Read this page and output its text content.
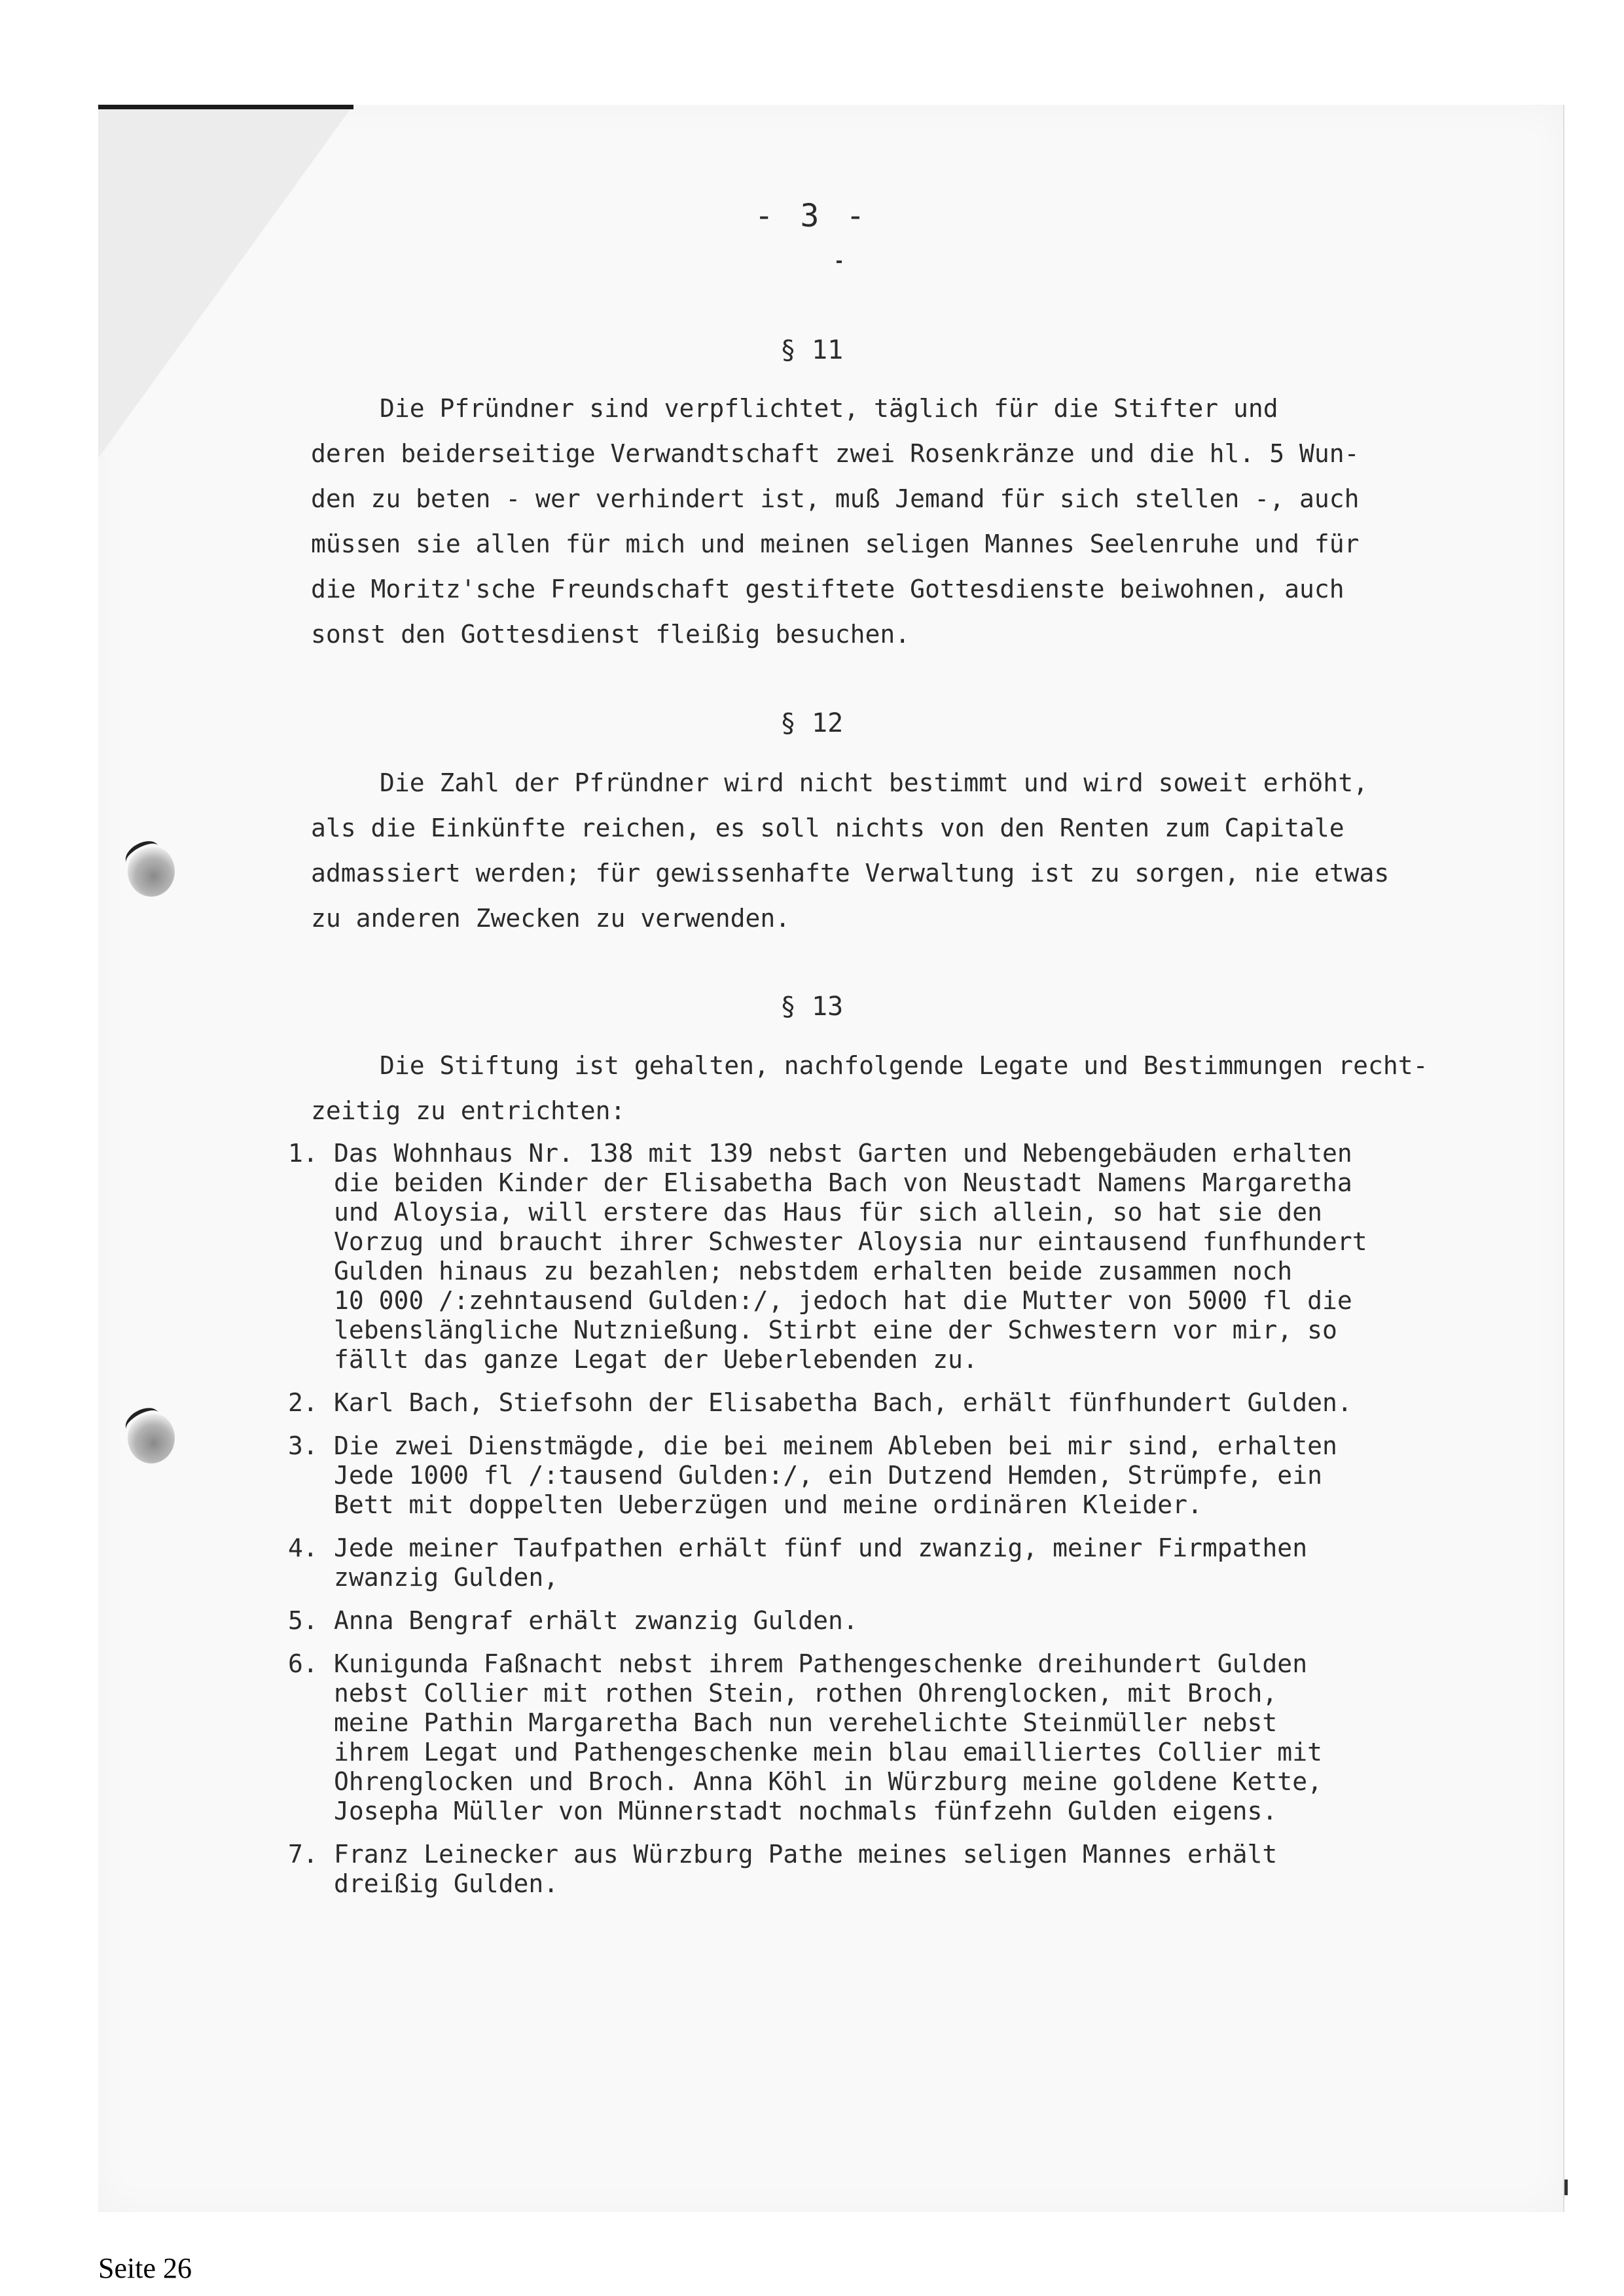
- 3 -
§ 11

Die Pfründner sind verpflichtet, täglich für die Stifter und
deren beiderseitige Verwandtschaft zwei Rosenkränze und die hl. 5 Wun-
den zu beten - wer verhindert ist, muß Jemand für sich stellen -, auch
müssen sie allen für mich und meinen seligen Mannes Seelenruhe und für
die Moritz'sche Freundschaft gestiftete Gottesdienste beiwohnen, auch
sonst den Gottesdienst fleißig besuchen.

§ 12

Die Zahl der Pfründner wird nicht bestimmt und wird soweit erhöht,
als die Einkünfte reichen, es soll nichts von den Renten zum Capitale
admassiert werden; für gewissenhafte Verwaltung ist zu sorgen, nie etwas
zu anderen Zwecken zu verwenden.

§ 13

Die Stiftung ist gehalten, nachfolgende Legate und Bestimmungen recht-
zeitig zu entrichten:

1. Das Wohnhaus Nr. 138 mit 139 nebst Garten und Nebengebäuden erhalten
die beiden Kinder der Elisabetha Bach von Neustadt Namens Margaretha
und Aloysia, will erstere das Haus für sich allein, so hat sie den
Vorzug und braucht ihrer Schwester Aloysia nur eintausend funfhundert
Gulden hinaus zu bezahlen; nebstdem erhalten beide zusammen noch
10 000 /:zehntausend Gulden:/, jedoch hat die Mutter von 5000 fl die
lebenslängliche Nutznießung. Stirbt eine der Schwestern vor mir, so
fällt das ganze Legat der Ueberlebenden zu.
2. Karl Bach, Stiefsohn der Elisabetha Bach, erhält fünfhundert Gulden.
3. Die zwei Dienstmägde, die bei meinem Ableben bei mir sind, erhalten
Jede 1000 fl /:tausend Gulden:/, ein Dutzend Hemden, Strümpfe, ein
Bett mit doppelten Ueberzügen und meine ordinären Kleider.
4. Jede meiner Taufpathen erhält fünf und zwanzig, meiner Firmpathen
zwanzig Gulden,
5. Anna Bengraf erhält zwanzig Gulden.
6. Kunigunda Faßnacht nebst ihrem Pathengeschenke dreihundert Gulden
nebst Collier mit rothen Stein, rothen Ohrenglocken, mit Broch,
meine Pathin Margaretha Bach nun verehelichte Steinmüller nebst
ihrem Legat und Pathengeschenke mein blau emailliertes Collier mit
Ohrenglocken und Broch. Anna Köhl in Würzburg meine goldene Kette,
Josepha Müller von Münnerstadt nochmals fünfzehn Gulden eigens.
7. Franz Leinecker aus Würzburg Pathe meines seligen Mannes erhält
dreißig Gulden.
Seite 26
